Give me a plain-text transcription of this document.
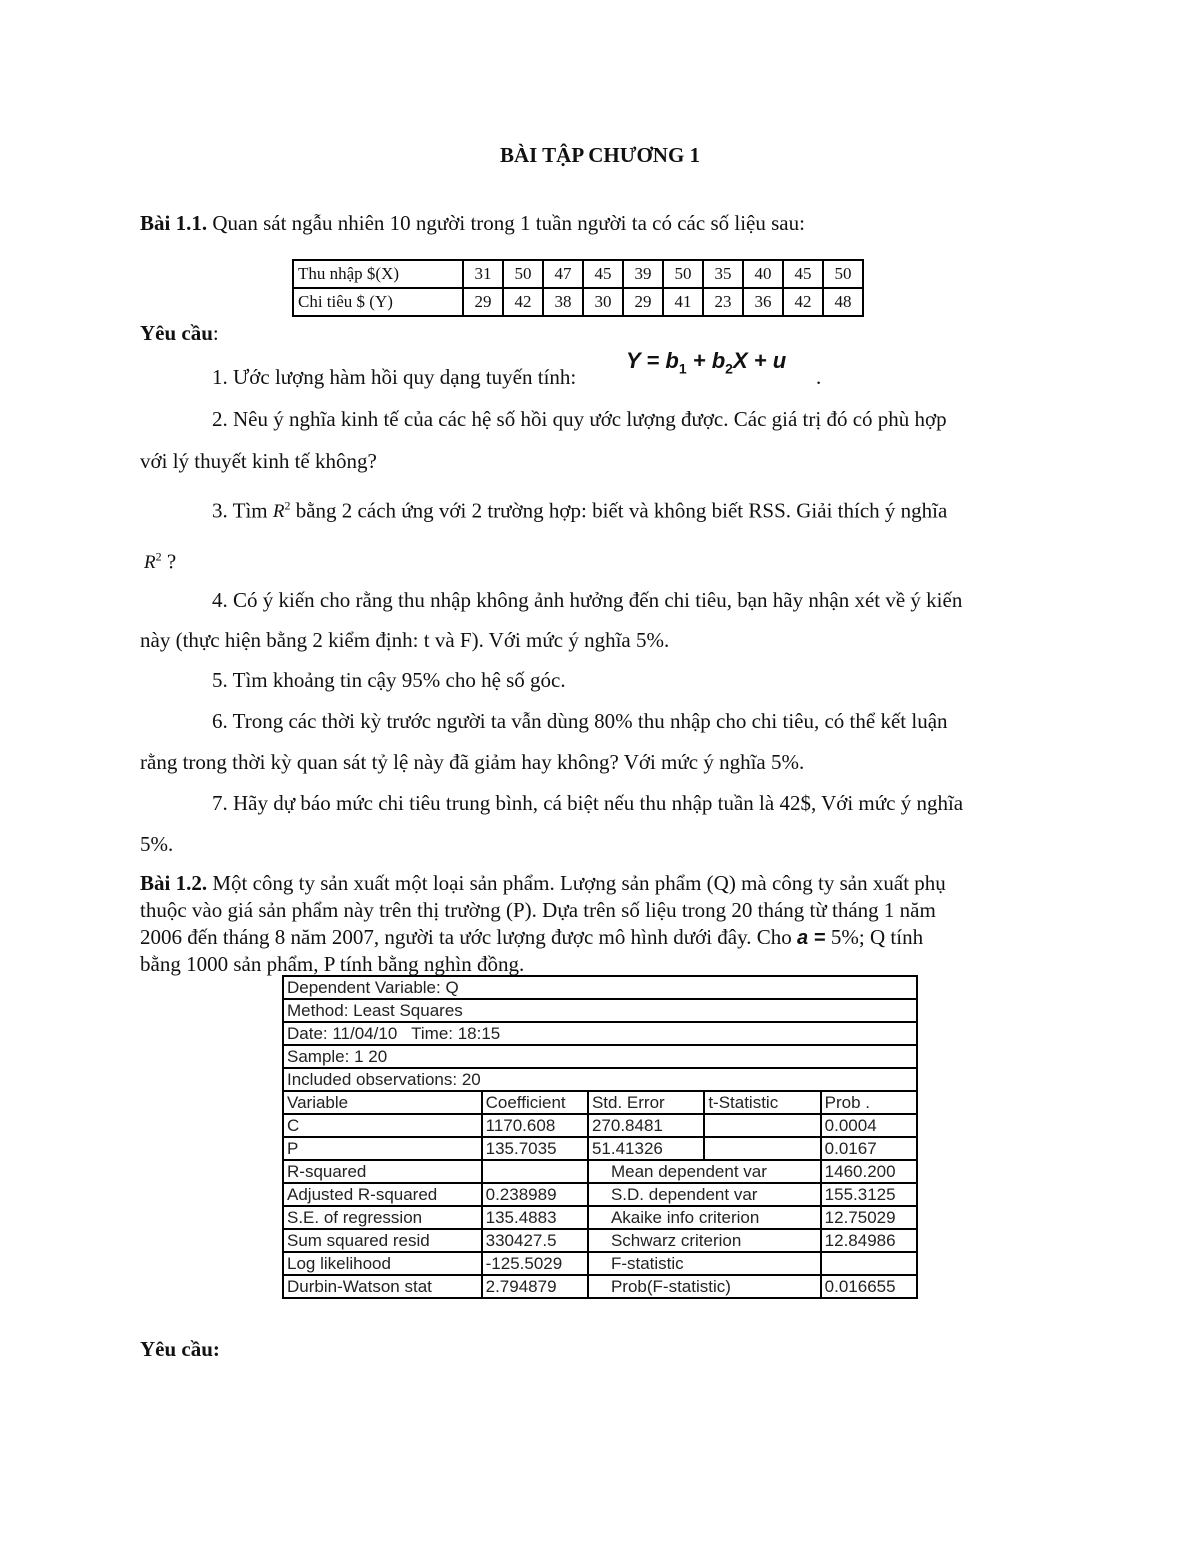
BÀI TẬP CHƯƠNG 1
Bài 1.1. Quan sát ngẫu nhiên 10 người trong 1 tuần người ta có các số liệu sau:
Thu nhập $(X)	31	50	47	45	39	50	35	40	45	50
Chi tiêu $ (Y)	29	42	38	30	29	41	23	36	42	48
Yêu cầu:
1. Ước lượng hàm hồi quy dạng tuyến tính:
$Y = b_1 + b_2X + u$
.
2. Nêu ý nghĩa kinh tế của các hệ số hồi quy ước lượng được. Các giá trị đó có phù hợp
với lý thuyết kinh tế không?
3. Tìm $R^2$ bằng 2 cách ứng với 2 trường hợp: biết và không biết RSS. Giải thích ý nghĩa
$R^2$ ?
4. Có ý kiến cho rằng thu nhập không ảnh hưởng đến chi tiêu, bạn hãy nhận xét về ý kiến
này (thực hiện bằng 2 kiểm định: t và F). Với mức ý nghĩa 5%.
5. Tìm khoảng tin cậy 95% cho hệ số góc.
6. Trong các thời kỳ trước người ta vẫn dùng 80% thu nhập cho chi tiêu, có thể kết luận
rằng trong thời kỳ quan sát tỷ lệ này đã giảm hay không? Với mức ý nghĩa 5%.
7. Hãy dự báo mức chi tiêu trung bình, cá biệt nếu thu nhập tuần là 42$, Với mức ý nghĩa
5%.
Bài 1.2. Một công ty sản xuất một loại sản phẩm. Lượng sản phẩm (Q) mà công ty sản xuất phụ
thuộc vào giá sản phẩm này trên thị trường (P). Dựa trên số liệu trong 20 tháng từ tháng 1 năm
2006 đến tháng 8 năm 2007, người ta ước lượng được mô hình dưới đây. Cho a = 5%; Q tính
bằng 1000 sản phẩm, P tính bằng nghìn đồng.
Dependent Variable: Q				
Method: Least Squares				
Date: 11/04/10   Time: 18:15				
Sample: 1 20				
Included observations: 20				
Variable	Coefficient	Std. Error	t-Statistic	Prob .
C	1170.608	270.8481		0.0004
P	135.7035	51.41326		0.0167
R-squared		Mean dependent var		1460.200
Adjusted R-squared	0.238989	S.D. dependent var		155.3125
S.E. of regression	135.4883	Akaike info criterion		12.75029
Sum squared resid	330427.5	Schwarz criterion		12.84986
Log likelihood	-125.5029	F-statistic		
Durbin-Watson stat	2.794879	Prob(F-statistic)		0.016655
Yêu cầu:
